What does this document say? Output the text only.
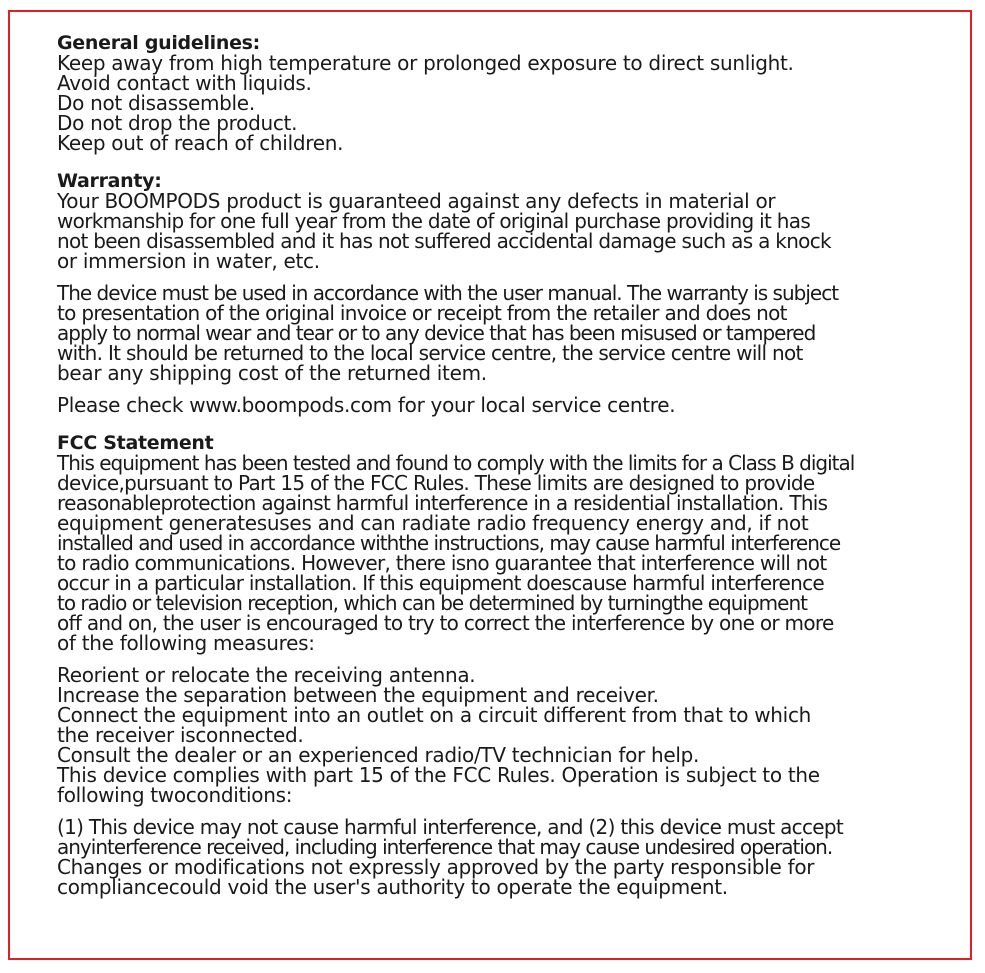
General guidelines:

Keep away from high temperature or prolonged exposure to direct sunlight.

Avoid contact with liquids.

Do not disassemble.

Do not drop the product.

Keep out of reach of children.

Warranty:

Your BOOMPODS product is guaranteed against any defects in material or

workmanship for one full year from the date of original purchase providing it has

not been disassembled and it has not suffered accidental damage such as a knock

or immersion in water, etc.

The device must be used in accordance with the user manual. The warranty is subject

to presentation of the original invoice or receipt from the retailer and does not

apply to normal wear and tear or to any device that has been misused or tampered

with. It should be returned to the local service centre, the service centre will not

bear any shipping cost of the returned item.

Please check www.boompods.com for your local service centre.

FCC Statement

This equipment has been tested and found to comply with the limits for a Class B digital

device,pursuant to Part 15 of the FCC Rules. These limits are designed to provide

reasonableprotection against harmful interference in a residential installation. This

equipment generatesuses and can radiate radio frequency energy and, if not

installed and used in accordance withthe instructions, may cause harmful interference

to radio communications. However, there isno guarantee that interference will not

occur in a particular installation. If this equipment doescause harmful interference

to radio or television reception, which can be determined by turningthe equipment

off and on, the user is encouraged to try to correct the interference by one or more

of the following measures:

Reorient or relocate the receiving antenna.

Increase the separation between the equipment and receiver.

Connect the equipment into an outlet on a circuit different from that to which

the receiver isconnected.

Consult the dealer or an experienced radio/TV technician for help.

This device complies with part 15 of the FCC Rules. Operation is subject to the

following twoconditions:

(1) This device may not cause harmful interference, and (2) this device must accept

anyinterference received, including interference that may cause undesired operation.

Changes or modifications not expressly approved by the party responsible for

compliancecould void the user's authority to operate the equipment.
